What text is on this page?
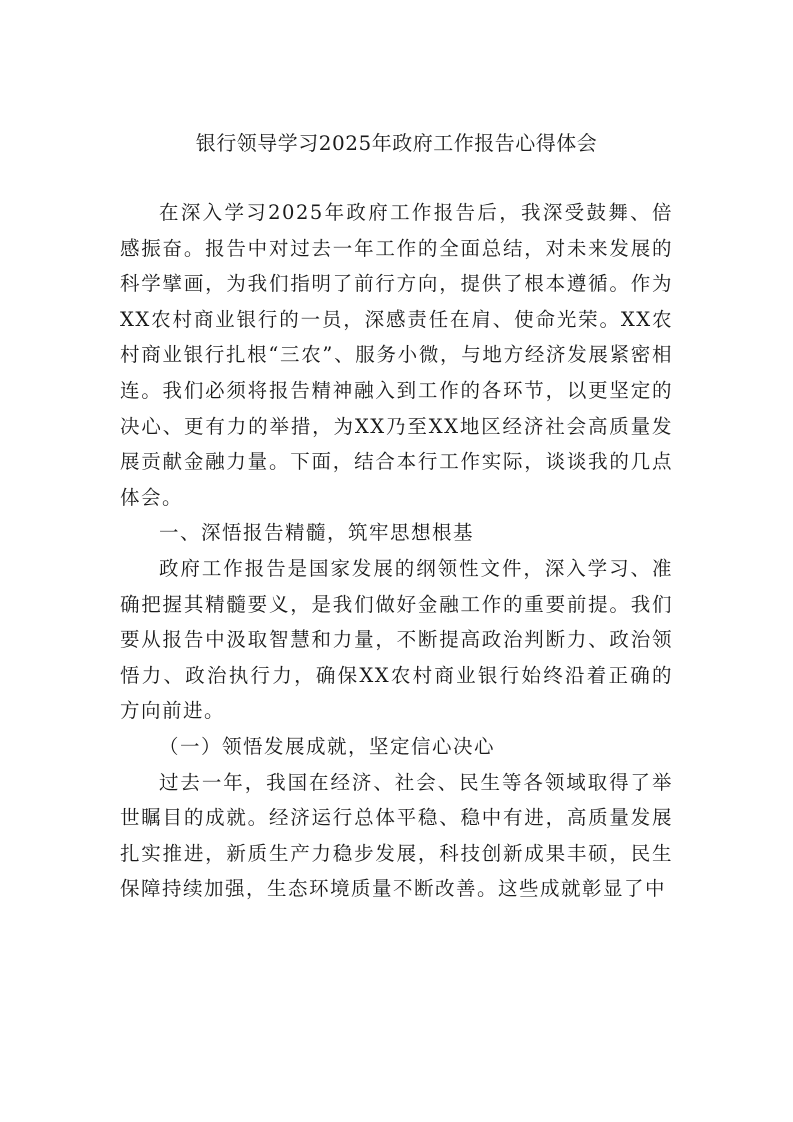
银行领导学习2025年政府工作报告心得体会

在深入学习2025年政府工作报告后，我深受鼓舞、倍感振奋。报告中对过去一年工作的全面总结，对未来发展的科学擘画，为我们指明了前行方向，提供了根本遵循。作为XX农村商业银行的一员，深感责任在肩、使命光荣。XX农村商业银行扎根“三农”、服务小微，与地方经济发展紧密相连。我们必须将报告精神融入到工作的各环节，以更坚定的决心、更有力的举措，为XX乃至XX地区经济社会高质量发展贡献金融力量。下面，结合本行工作实际，谈谈我的几点体会。

一、深悟报告精髓，筑牢思想根基

政府工作报告是国家发展的纲领性文件，深入学习、准确把握其精髓要义，是我们做好金融工作的重要前提。我们要从报告中汲取智慧和力量，不断提高政治判断力、政治领悟力、政治执行力，确保XX农村商业银行始终沿着正确的方向前进。

（一）领悟发展成就，坚定信心决心

过去一年，我国在经济、社会、民生等各领域取得了举世瞩目的成就。经济运行总体平稳、稳中有进，高质量发展扎实推进，新质生产力稳步发展，科技创新成果丰硕，民生保障持续加强，生态环境质量不断改善。这些成就彰显了中
